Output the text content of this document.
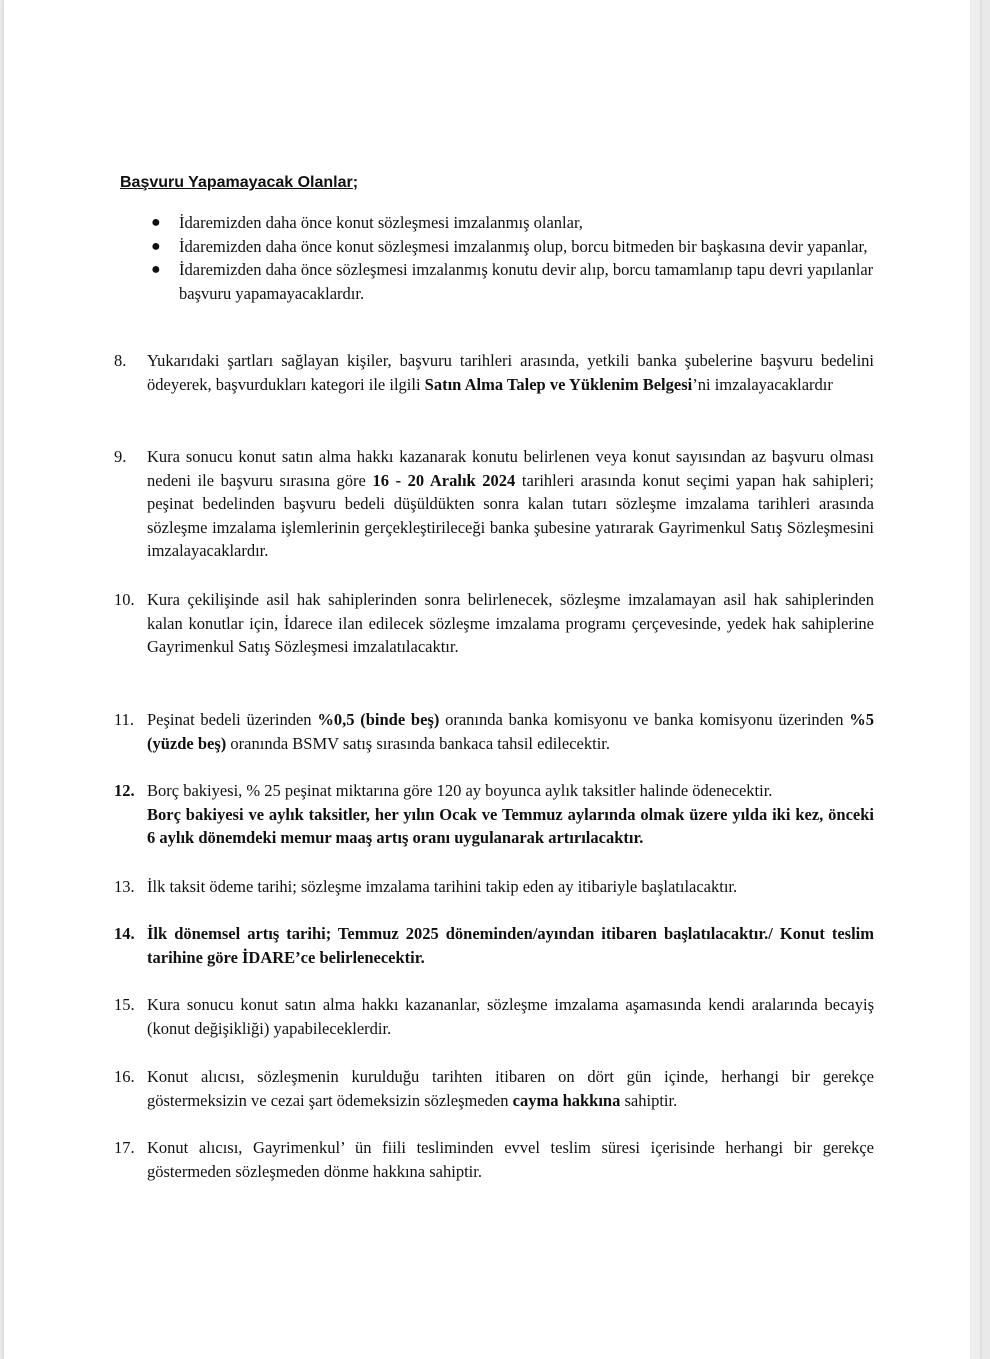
Başvuru Yapamayacak Olanlar;
● İdaremizden daha önce konut sözleşmesi imzalanmış olanlar,
● İdaremizden daha önce konut sözleşmesi imzalanmış olup, borcu bitmeden bir başkasına devir yapanlar,
● İdaremizden daha önce sözleşmesi imzalanmış konutu devir alıp, borcu tamamlanıp tapu devri yapılanlar başvuru yapamayacaklardır.
8.	Yukarıdaki şartları sağlayan kişiler, başvuru tarihleri arasında, yetkili banka şubelerine başvuru bedelini ödeyerek, başvurdukları kategori ile ilgili Satın Alma Talep ve Yüklenim Belgesi’ni imzalayacaklardır
9.	Kura sonucu konut satın alma hakkı kazanarak konutu belirlenen veya konut sayısından az başvuru olması nedeni ile başvuru sırasına göre 16 - 20 Aralık 2024 tarihleri arasında konut seçimi yapan hak sahipleri; peşinat bedelinden başvuru bedeli düşüldükten sonra kalan tutarı sözleşme imzalama tarihleri arasında sözleşme imzalama işlemlerinin gerçekleştirileceği banka şubesine yatırarak Gayrimenkul Satış Sözleşmesini imzalayacaklardır.
10. Kura çekilişinde asil hak sahiplerinden sonra belirlenecek, sözleşme imzalamayan asil hak sahiplerinden kalan konutlar için, İdarece ilan edilecek sözleşme imzalama programı çerçevesinde, yedek hak sahiplerine Gayrimenkul Satış Sözleşmesi imzalatılacaktır.
11. Peşinat bedeli üzerinden %0,5 (binde beş) oranında banka komisyonu ve banka komisyonu üzerinden %5 (yüzde beş) oranında BSMV satış sırasında bankaca tahsil edilecektir.
12. Borç bakiyesi, % 25 peşinat miktarına göre 120 ay boyunca aylık taksitler halinde ödenecektir.
Borç bakiyesi ve aylık taksitler, her yılın Ocak ve Temmuz aylarında olmak üzere yılda iki kez, önceki 6 aylık dönemdeki memur maaş artış oranı uygulanarak artırılacaktır.
13. İlk taksit ödeme tarihi; sözleşme imzalama tarihini takip eden ay itibariyle başlatılacaktır.
14. İlk dönemsel artış tarihi; Temmuz 2025 döneminden/ayından itibaren başlatılacaktır./ Konut teslim tarihine göre İDARE’ce belirlenecektir.
15. Kura sonucu konut satın alma hakkı kazananlar, sözleşme imzalama aşamasında kendi aralarında becayiş (konut değişikliği) yapabileceklerdir.
16. Konut alıcısı, sözleşmenin kurulduğu tarihten itibaren on dört gün içinde, herhangi bir gerekçe göstermeksizin ve cezai şart ödemeksizin sözleşmeden cayma hakkına sahiptir.
17. Konut alıcısı, Gayrimenkul’ ün fiili tesliminden evvel teslim süresi içerisinde herhangi bir gerekçe göstermeden sözleşmeden dönme hakkına sahiptir.
